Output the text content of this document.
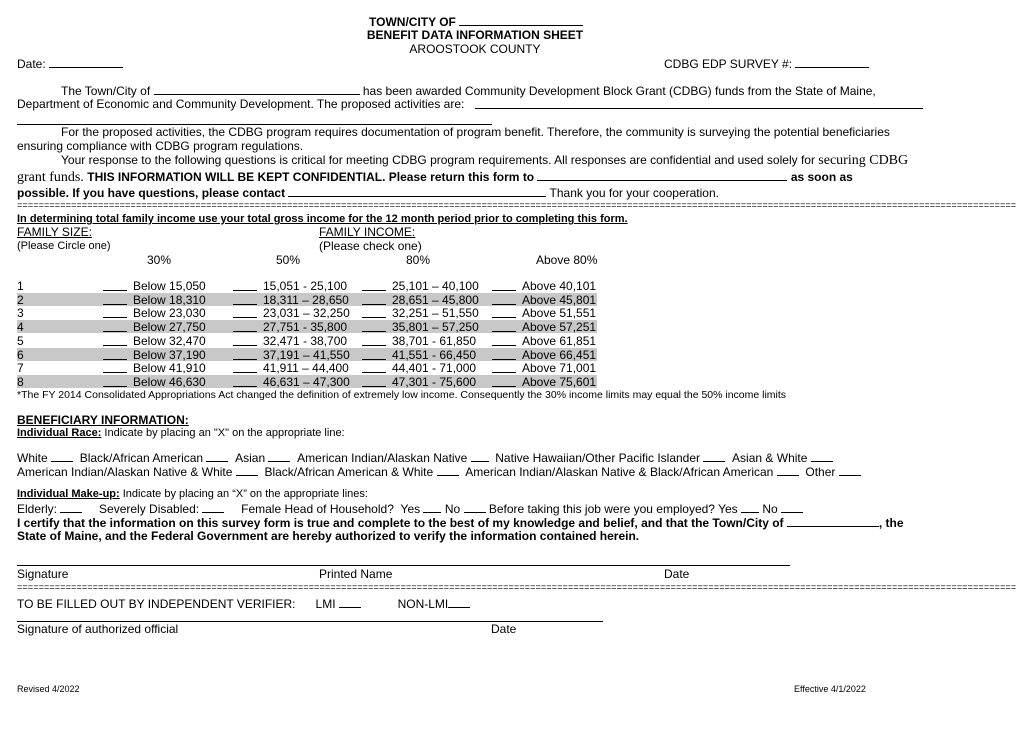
TOWN/CITY OF
BENEFIT DATA INFORMATION SHEET
AROOSTOOK COUNTY
Date:	CDBG EDP SURVEY #:
The Town/City of	has been awarded Community Development Block Grant (CDBG) funds from the State of Maine,
Department of Economic and Community Development. The proposed activities are:
For the proposed activities, the CDBG program requires documentation of program benefit. Therefore, the community is surveying the potential beneficiaries
ensuring compliance with CDBG program regulations.
Your response to the following questions is critical for meeting CDBG program requirements. All responses are confidential and used solely for securing CDBG
grant funds. THIS INFORMATION WILL BE KEPT CONFIDENTIAL. Please return this form to	as soon as
possible. If you have questions, please contact	Thank you for your cooperation.
=========================================================================================================================================================================================
In determining total family income use your total gross income for the 12 month period prior to completing this form.
FAMILY SIZE:
(Please Circle one)
FAMILY INCOME:
(Please check one)
30%	50%	80%	Above 80%
1	Below 15,050	15,051 - 25,100	25,101 – 40,100	Above 40,101
2	Below 18,310	18,311 – 28,650	28,651 – 45,800	Above 45,801
3	Below 23,030	23,031 – 32,250	32,251 – 51,550	Above 51,551
4	Below 27,750	27,751 - 35,800	35,801 – 57,250	Above 57,251
5	Below 32,470	32,471 - 38,700	38,701 - 61,850	Above 61,851
6	Below 37,190	37,191 – 41,550	41,551 - 66,450	Above 66,451
7	Below 41,910	41,911 – 44,400	44,401 - 71,000	Above 71,001
8	Below 46,630	46,631 – 47,300	47,301 - 75,600	Above 75,601
*The FY 2014 Consolidated Appropriations Act changed the definition of extremely low income. Consequently the 30% income limits may equal the 50% income limits
BENEFICIARY INFORMATION:
Individual Race: Indicate by placing an "X" on the appropriate line:
White	Black/African American	Asian	American Indian/Alaskan Native Native Hawaiian/Other Pacific Islander	Asian & White
American Indian/Alaskan Native & White	Black/African American & White	American Indian/Alaskan Native & Black/African American	Other
Individual Make-up: Indicate by placing an “X” on the appropriate lines:
Elderly:	Severely Disabled:	Female Head of Household? Yes No Before taking this job were you employed? Yes No
I certify that the information on this survey form is true and complete to the best of my knowledge and belief, and that the Town/City of	, the
State of Maine, and the Federal Government are hereby authorized to verify the information contained herein.
Signature	Printed Name	Date
=========================================================================================================================================================================================
TO BE FILLED OUT BY INDEPENDENT VERIFIER: LMI	NON-LMI
Signature of authorized official	Date
Revised 4/2022	Effective 4/1/2022
